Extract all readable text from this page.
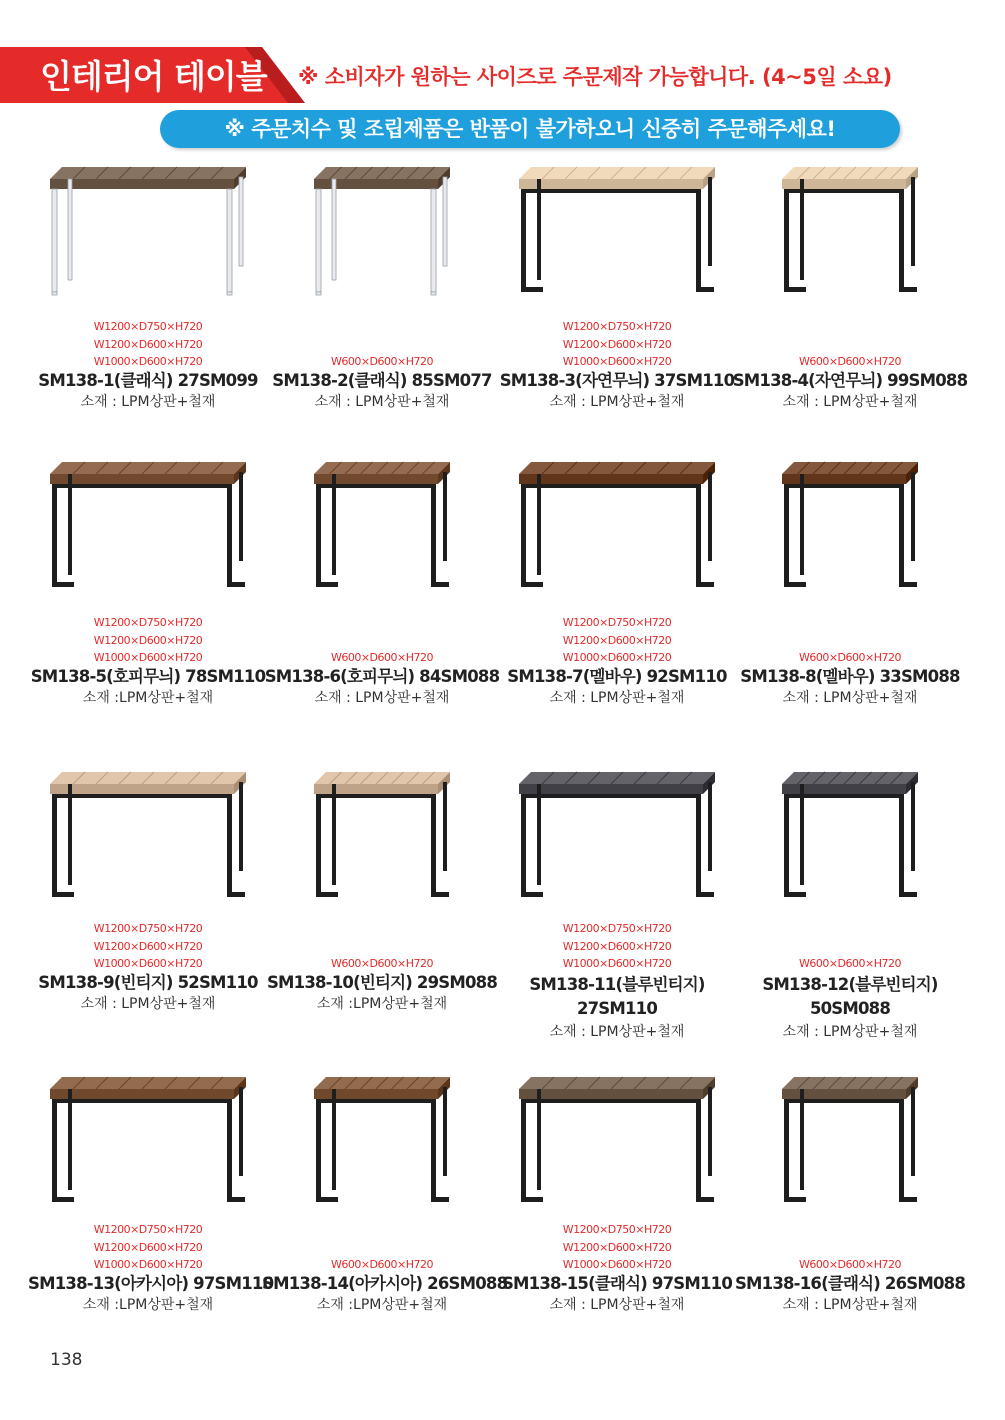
인테리어 테이블 ※ 소비자가 원하는 사이즈로 주문제작 가능합니다. (4~5일 소요)
※ 주문치수 및 조립제품은 반품이 불가하오니 신중히 주문해주세요!
W1200×D750×H720
W1200×D600×H720
W1000×D600×H720
SM138-1(클래식) 27SM099
소재 : LPM상판+철재
W600×D600×H720
SM138-2(클래식) 85SM077
소재 : LPM상판+철재
W1200×D750×H720
W1200×D600×H720
W1000×D600×H720
SM138-3(자연무늬) 37SM110
소재 : LPM상판+철재
W600×D600×H720
SM138-4(자연무늬) 99SM088
소재 : LPM상판+철재
W1200×D750×H720
W1200×D600×H720
W1000×D600×H720
SM138-5(호피무늬) 78SM110
소재 :LPM상판+철재
W600×D600×H720
SM138-6(호피무늬) 84SM088
소재 : LPM상판+철재
W1200×D750×H720
W1200×D600×H720
W1000×D600×H720
SM138-7(멜바우) 92SM110
소재 : LPM상판+철재
W600×D600×H720
SM138-8(멜바우) 33SM088
소재 : LPM상판+철재
W1200×D750×H720
W1200×D600×H720
W1000×D600×H720
SM138-9(빈티지) 52SM110
소재 : LPM상판+철재
W600×D600×H720
SM138-10(빈티지) 29SM088
소재 :LPM상판+철재
W1200×D750×H720
W1200×D600×H720
W1000×D600×H720
SM138-11(블루빈티지)
27SM110
소재 : LPM상판+철재
W600×D600×H720
SM138-12(블루빈티지)
50SM088
소재 : LPM상판+철재
W1200×D750×H720
W1200×D600×H720
W1000×D600×H720
SM138-13(아카시아) 97SM110
소재 :LPM상판+철재
W600×D600×H720
SM138-14(아카시아) 26SM088
소재 :LPM상판+철재
W1200×D750×H720
W1200×D600×H720
W1000×D600×H720
SM138-15(클래식) 97SM110
소재 : LPM상판+철재
W600×D600×H720
SM138-16(클래식) 26SM088
소재 : LPM상판+철재
138
